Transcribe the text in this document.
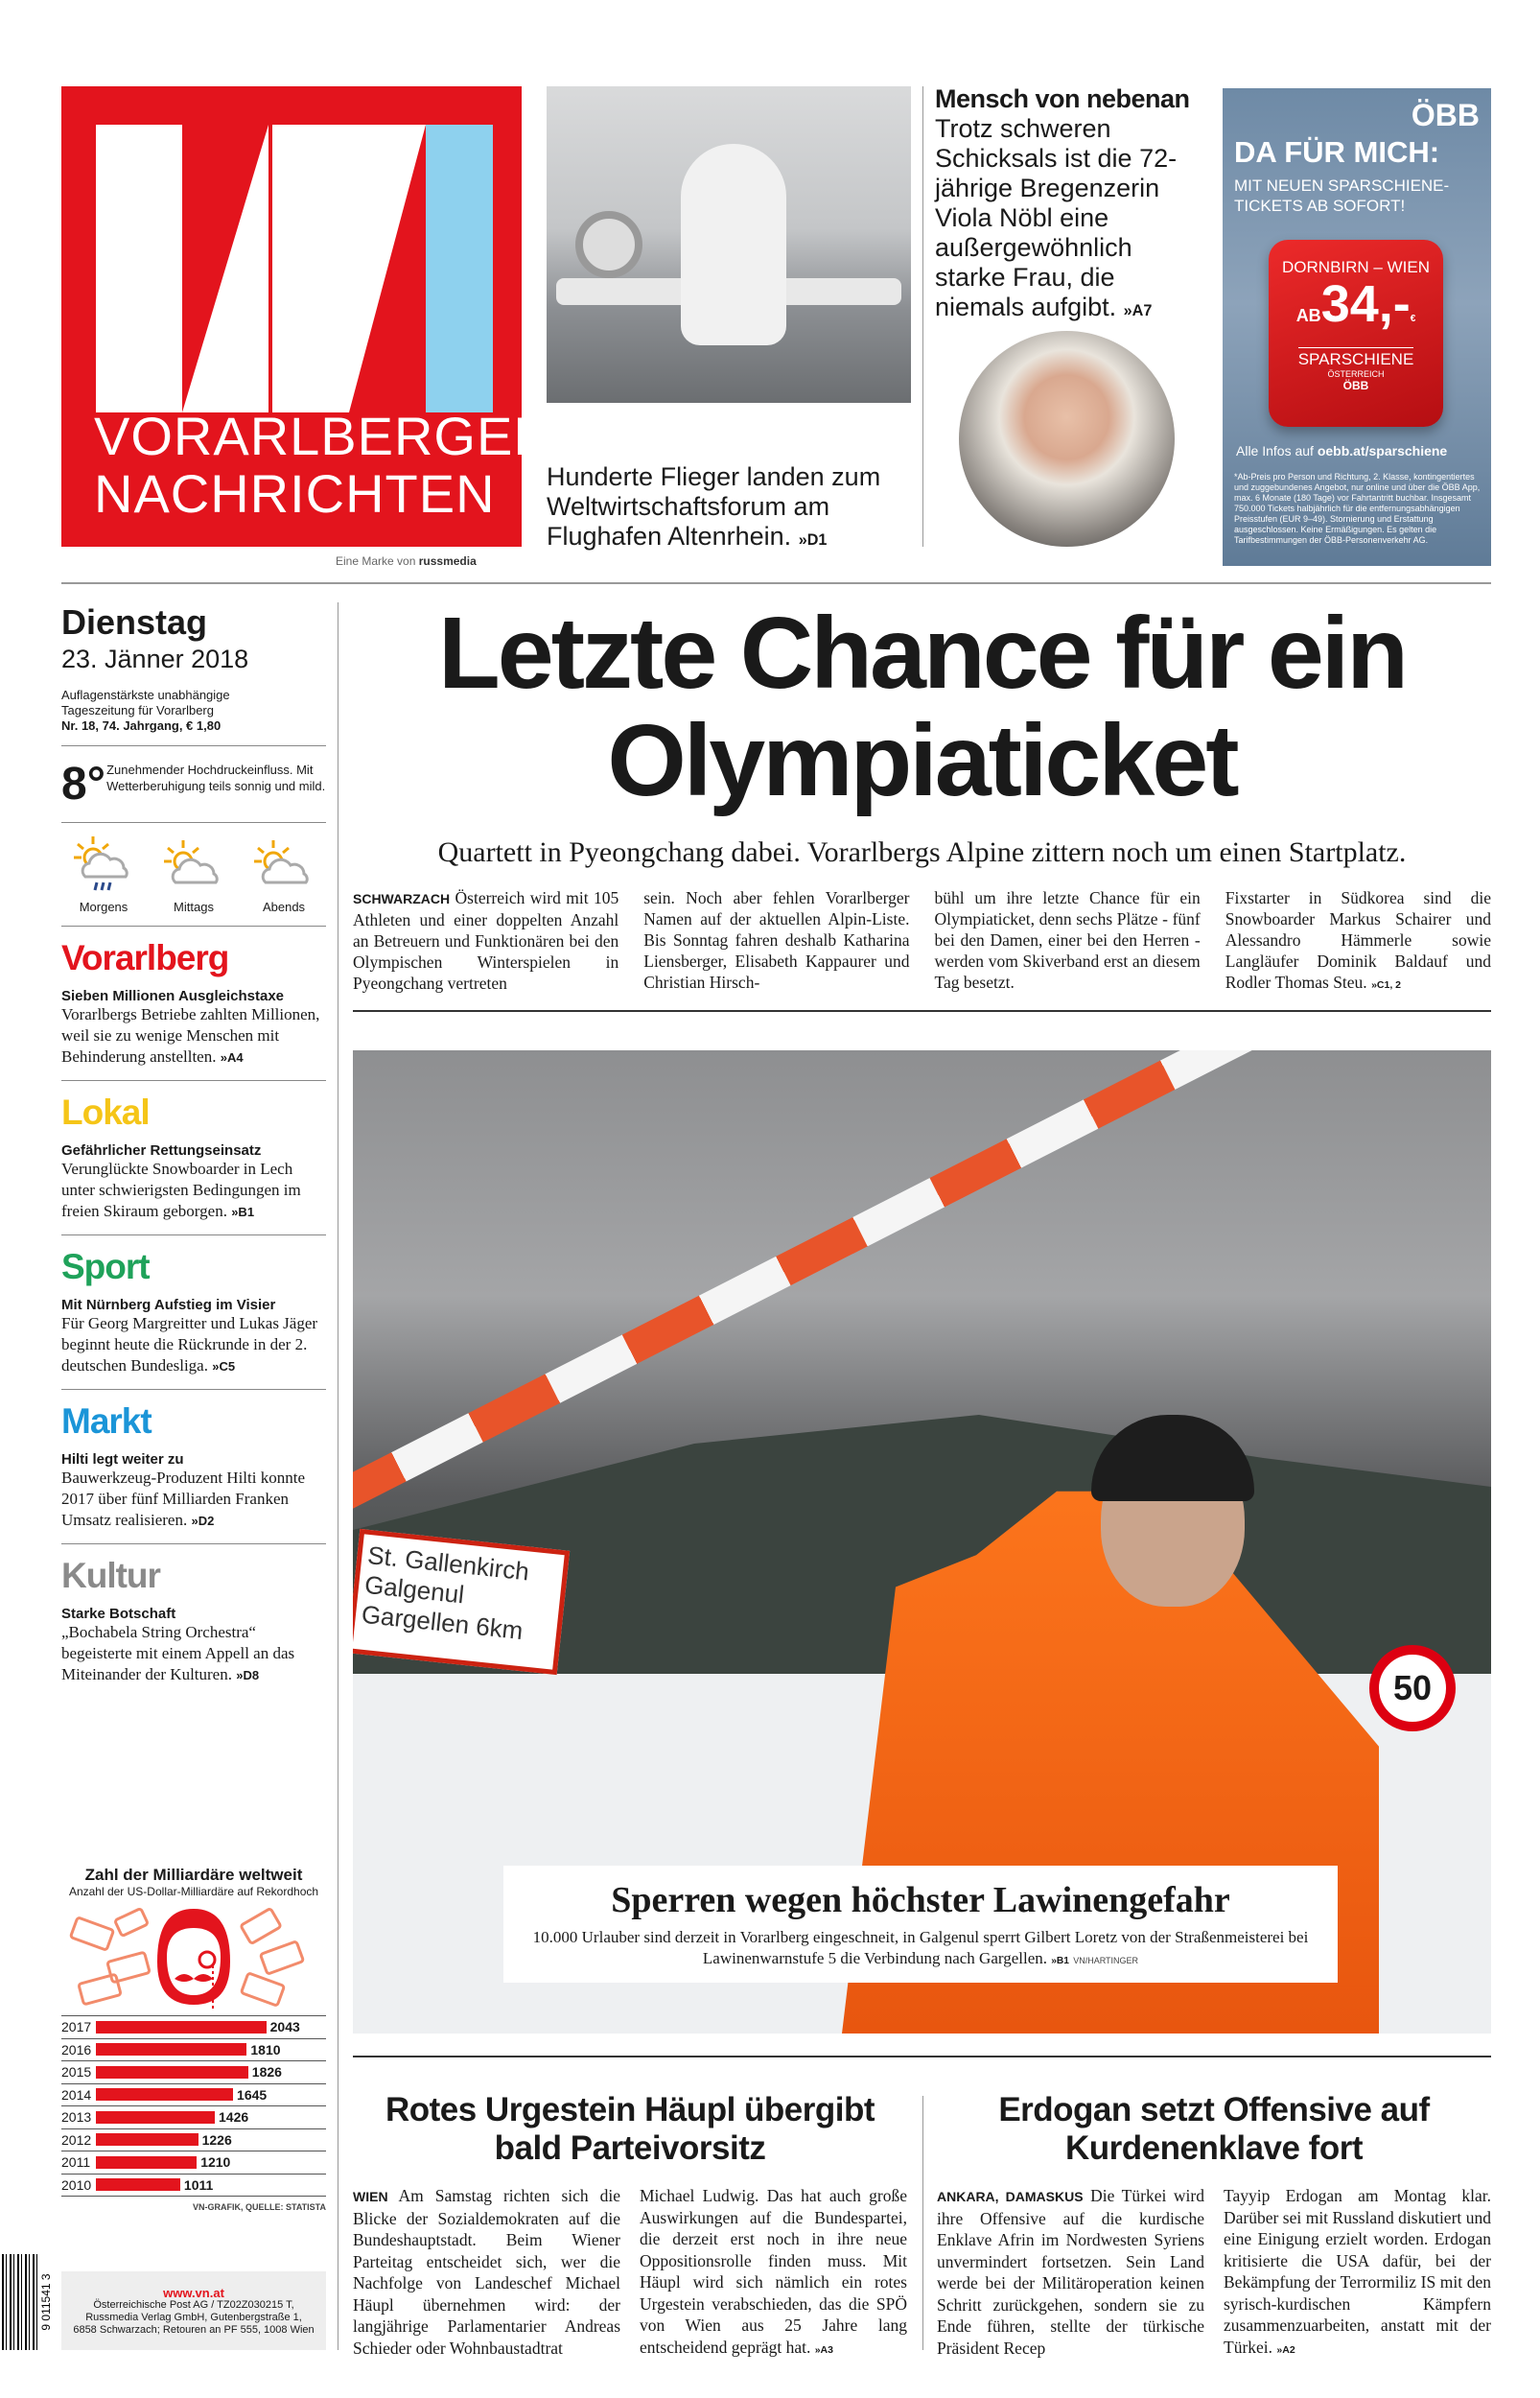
VORARLBERGER
NACHRICHTEN
Eine Marke von russmedia
Hunderte Flieger landen zum Weltwirtschaftsforum am Flughafen Altenrhein. »D1
Mensch von nebenan

Trotz schweren Schicksals ist die 72-jährige Bregenzerin Viola Nöbl eine außergewöhnlich starke Frau, die niemals aufgibt. »A7

ÖBB
DA FÜR MICH:
MIT NEUEN SPARSCHIENE-TICKETS AB SOFORT!
DORNBIRN – WIEN
AB34,-€
SPARSCHIENE
ÖSTERREICH
ÖBB
Alle Infos auf oebb.at/sparschiene
*Ab-Preis pro Person und Richtung, 2. Klasse, kontingentiertes und zuggebundenes Angebot, nur online und über die ÖBB App, max. 6 Monate (180 Tage) vor Fahrtantritt buchbar. Insgesamt 750.000 Tickets halbjährlich für die entfernungsabhängigen Preisstufen (EUR 9–49). Stornierung und Erstattung ausgeschlossen. Keine Ermäßigungen. Es gelten die Tarifbestimmungen der ÖBB-Personenverkehr AG.
Dienstag
23. Jänner 2018
Auflagenstärkste unabhängige
Tageszeitung für Vorarlberg
Nr. 18, 74. Jahrgang, € 1,80
8° Zunehmender Hochdruckeinfluss. Mit Wetterberuhigung teils sonnig und mild.
Morgens	Mittags	Abends
Vorarlberg
Sieben Millionen Ausgleichstaxe

Vorarlbergs Betriebe zahlten Millionen, weil sie zu wenige Menschen mit Behinderung anstellten. »A4

Lokal
Gefährlicher Rettungseinsatz

Verunglückte Snowboarder in Lech unter schwierigsten Bedingungen im freien Skiraum geborgen. »B1

Sport
Mit Nürnberg Aufstieg im Visier

Für Georg Margreitter und Lukas Jäger beginnt heute die Rückrunde in der 2. deutschen Bundesliga. »C5

Markt
Hilti legt weiter zu

Bauwerkzeug-Produzent Hilti konnte 2017 über fünf Milliarden Franken Umsatz realisieren. »D2

Kultur
Starke Botschaft

„Bochabela String Orchestra“ begeisterte mit einem Appell an das Miteinander der Kulturen. »D8

Zahl der Milliardäre weltweit
Anzahl der US-Dollar-Milliardäre auf Rekordhoch
2017	2043
2016	1810
2015	1826
2014	1645
2013	1426
2012	1226
2011	1210
2010	1011
VN-GRAFIK, QUELLE: STATISTA
www.vn.at
Österreichische Post AG / TZ02Z030215 T,
Russmedia Verlag GmbH, Gutenbergstraße 1,
6858 Schwarzach; Retouren an PF 555, 1008 Wien
9 011541 3
Letzte Chance für ein Olympiaticket
Quartett in Pyeongchang dabei. Vorarlbergs Alpine zittern noch um einen Startplatz.
SCHWARZACH Österreich wird mit 105 Athleten und einer doppelten Anzahl an Betreuern und Funktionären bei den Olympischen Winterspielen in Pyeongchang vertreten
sein. Noch aber fehlen Vorarlberger Namen auf der aktuellen Alpin-Liste. Bis Sonntag fahren deshalb Katharina Liensberger, Elisabeth Kappaurer und Christian Hirsch-
bühl um ihre letzte Chance für ein Olympiaticket, denn sechs Plätze - fünf bei den Damen, einer bei den Herren - werden vom Skiverband erst an diesem Tag besetzt.
Fixstarter in Südkorea sind die Snowboarder Markus Schairer und Alessandro Hämmerle sowie Langläufer Dominik Baldauf und Rodler Thomas Steu. »C1, 2
St. Gallenkirch Galgenul Gargellen 6km
50
Sperren wegen höchster Lawinengefahr

10.000 Urlauber sind derzeit in Vorarlberg eingeschneit, in Galgenul sperrt Gilbert Loretz von der Straßenmeisterei bei Lawinenwarnstufe 5 die Verbindung nach Gargellen. »B1 VN/HARTINGER

Rotes Urgestein Häupl übergibt bald Parteivorsitz
WIEN Am Samstag richten sich die Blicke der Sozialdemokraten auf die Bundeshauptstadt. Beim Wiener Parteitag entscheidet sich, wer die Nachfolge von Landeschef Michael Häupl übernehmen wird: der langjährige Parlamentarier Andreas Schieder oder Wohnbaustadtrat
Michael Ludwig. Das hat auch große Auswirkungen auf die Bundespartei, die derzeit erst noch in ihre neue Oppositionsrolle finden muss. Mit Häupl wird sich nämlich ein rotes Urgestein verabschieden, das die SPÖ von Wien aus 25 Jahre lang entscheidend geprägt hat. »A3
Erdogan setzt Offensive auf Kurdenenklave fort
ANKARA, DAMASKUS Die Türkei wird ihre Offensive auf die kurdische Enklave Afrin im Nordwesten Syriens unvermindert fortsetzen. Sein Land werde bei der Militäroperation keinen Schritt zurückgehen, sondern sie zu Ende führen, stellte der türkische Präsident Recep
Tayyip Erdogan am Montag klar. Darüber sei mit Russland diskutiert und eine Einigung erzielt worden. Erdogan kritisierte die USA dafür, bei der Bekämpfung der Terrormiliz IS mit den syrisch-kurdischen Kämpfern zusammenzuarbeiten, anstatt mit der Türkei. »A2
